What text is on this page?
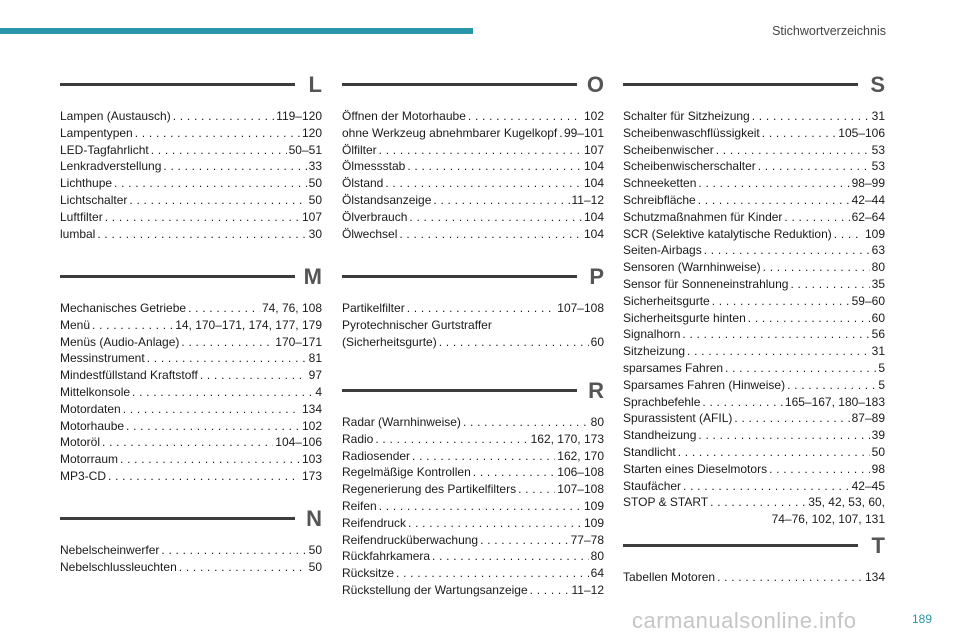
Stichwortverzeichnis
L
Lampen (Austausch) . . .	119–120
Lampentypen . . .	120
LED-Tagfahrlicht . . .	50–51
Lenkradverstellung . . .	33
Lichthupe . . .	50
Lichtschalter . . .	50
Luftfilter . . .	107
lumbal . . .	30
M
Mechanisches Getriebe . . .	74, 76, 108
Menü . . .	14, 170–171, 174, 177, 179
Menüs (Audio-Anlage) . . .	170–171
Messinstrument . . .	81
Mindestfüllstand Kraftstoff . . .	97
Mittelkonsole . . .	4
Motordaten . . .	134
Motorhaube . . .	102
Motoröl . . .	104–106
Motorraum . . .	103
MP3-CD . . .	173
N
Nebelscheinwerfer . . .	50
Nebelschlussleuchten . . .	50
O
Öffnen der Motorhaube . . .	102
ohne Werkzeug abnehmbarer Kugelkopf . . . 99–101
Ölfilter . . .	107
Ölmessstab . . .	104
Ölstand . . .	104
Ölstandsanzeige . . .	11–12
Ölverbrauch . . .	104
Ölwechsel . . .	104
P
Partikelfilter . . .	107–108
Pyrotechnischer Gurtstraffer
(Sicherheitsgurte) . . .	60
R
Radar (Warnhinweise) . . .	80
Radio . . .	162, 170, 173
Radiosender . . .	162, 170
Regelmäßige Kontrollen . . .	106–108
Regenerierung des Partikelfilters . . .	107–108
Reifen . . .	109
Reifendruck . . .	109
Reifendrucküberwachung . . .	77–78
Rückfahrkamera . . .	80
Rücksitze . . .	64
Rückstellung der Wartungsanzeige . . .	11–12
S
Schalter für Sitzheizung . . .	31
Scheibenwaschflüssigkeit . . .	105–106
Scheibenwischer . . .	53
Scheibenwischerschalter . . .	53
Schneeketten . . .	98–99
Schreibfläche . . .	42–44
Schutzmaßnahmen für Kinder . . .	62–64
SCR (Selektive katalytische Reduktion) . . .	109
Seiten-Airbags . . .	63
Sensoren (Warnhinweise) . . .	80
Sensor für Sonneneinstrahlung . . .	35
Sicherheitsgurte . . .	59–60
Sicherheitsgurte hinten . . .	60
Signalhorn . . .	56
Sitzheizung . . .	31
sparsames Fahren . . .	5
Sparsames Fahren (Hinweise) . . .	5
Sprachbefehle . . .	165–167, 180–183
Spurassistent (AFIL) . . .	87–89
Standheizung . . .	39
Standlicht . . .	50
Starten eines Dieselmotors . . .	98
Staufächer . . .	42–45
STOP & START . . .	35, 42, 53, 60,
74–76, 102, 107, 131
T
Tabellen Motoren . . .	134
189
carmanualsonline.info
